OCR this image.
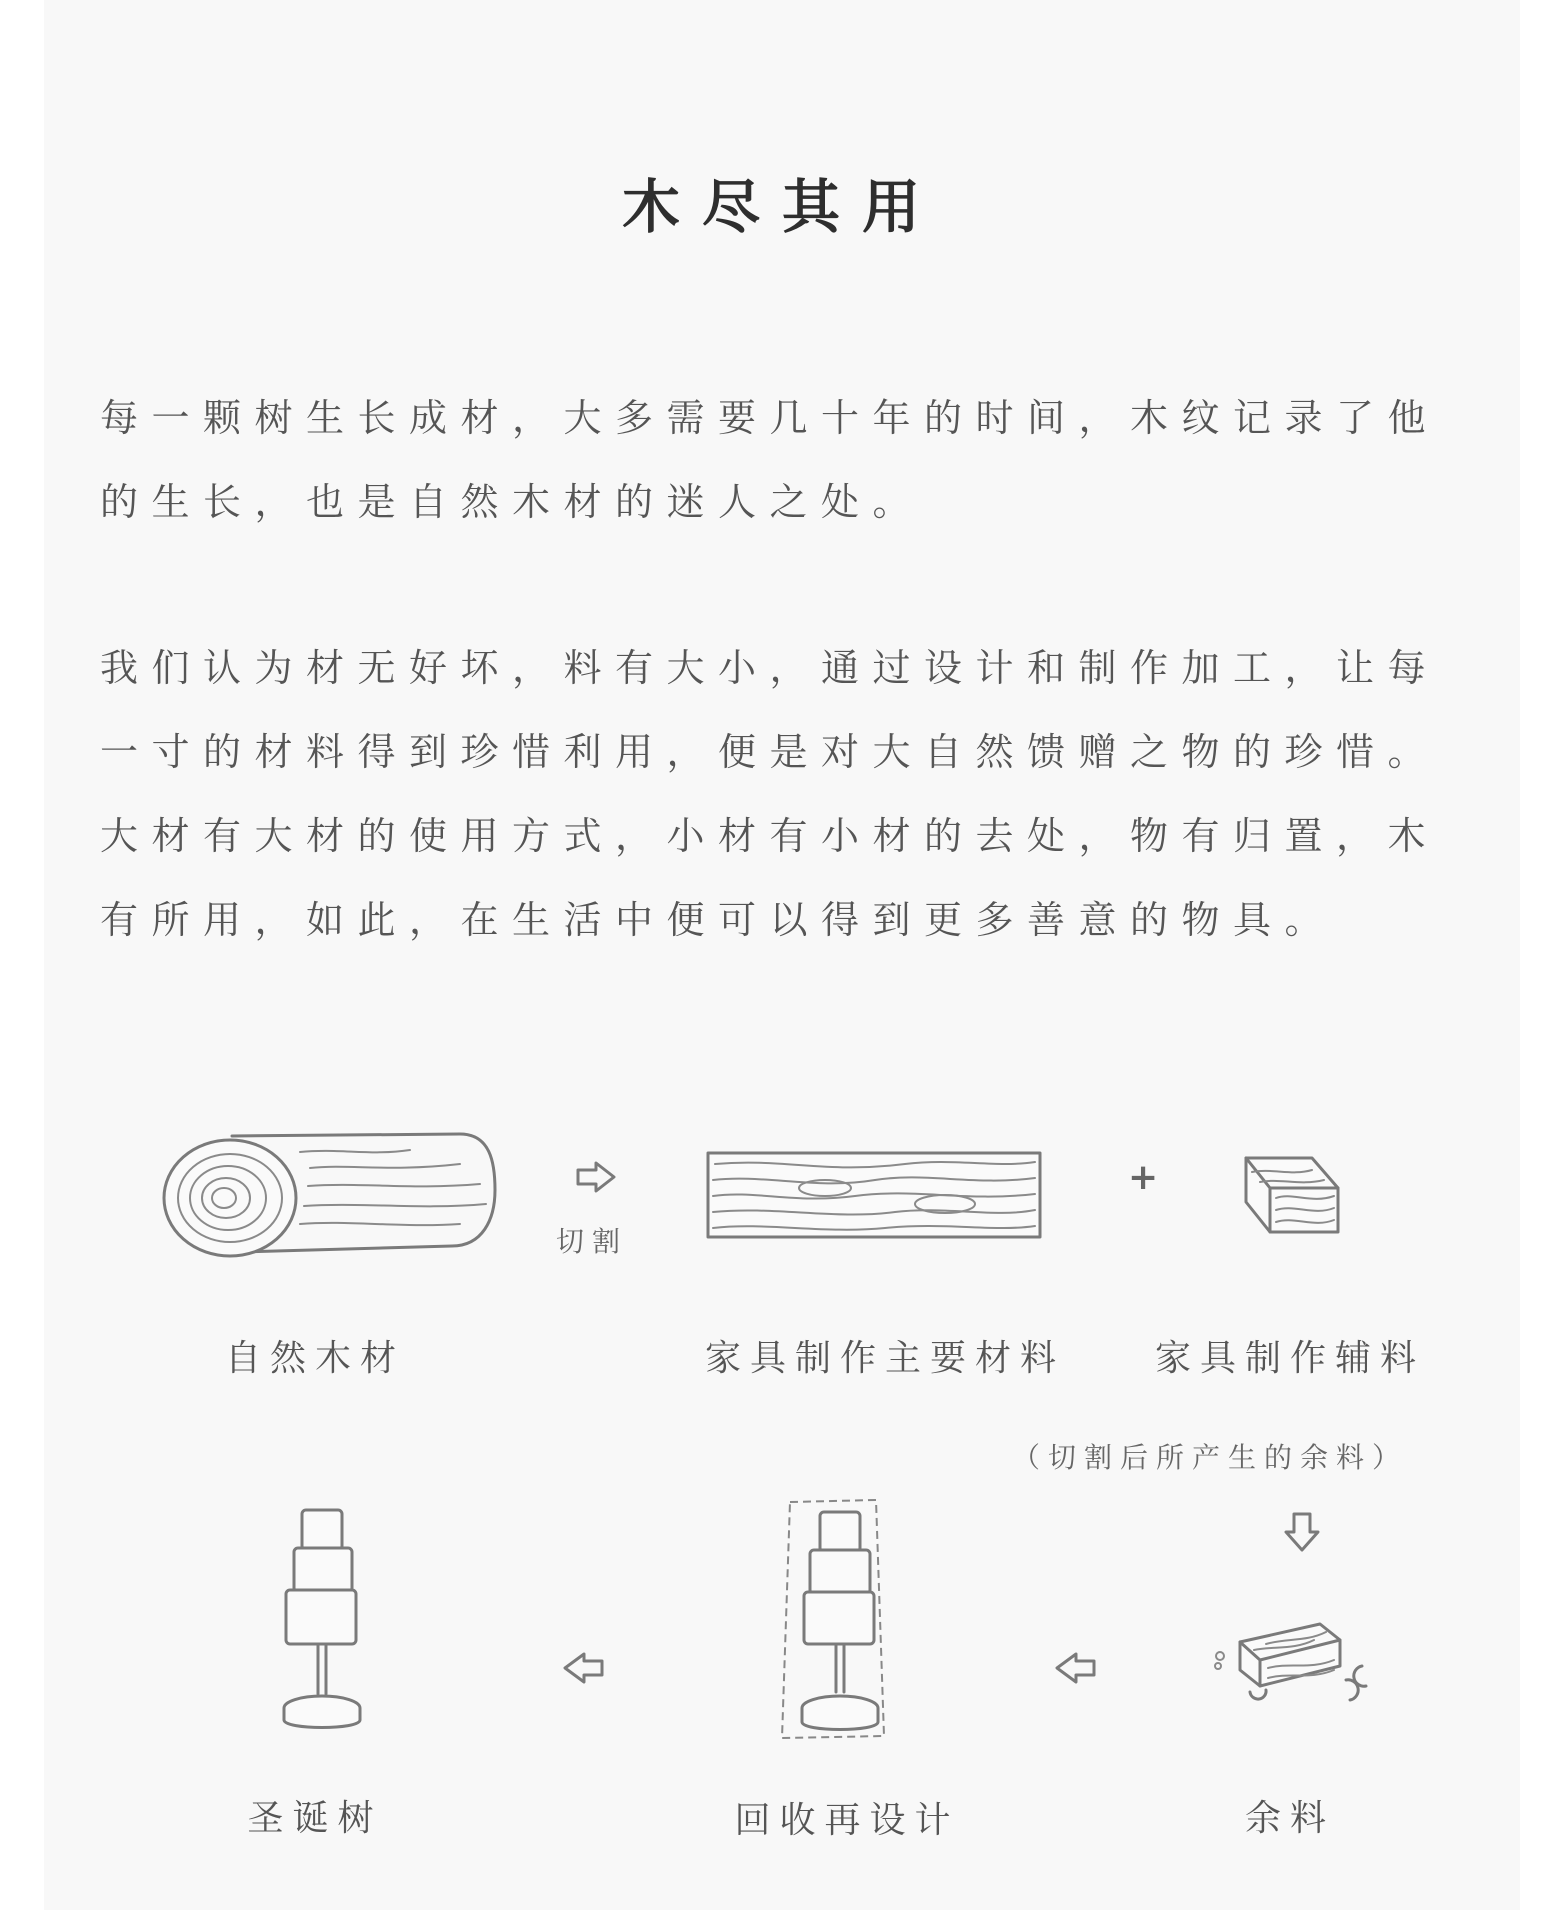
木尽其用
每一颗树生长成材，大多需要几十年的时间，木纹记录了他的生长，也是自然木材的迷人之处。
我们认为材无好坏，料有大小，通过设计和制作加工，让每一寸的材料得到珍惜利用，便是对大自然馈赠之物的珍惜。大材有大材的使用方式，小材有小材的去处，物有归置，木有所用，如此，在生活中便可以得到更多善意的物具。
切割
+
自然木材	家具制作主要材料 家具制作辅料
（切割后所产生的余料）
圣诞树	回收再设计	余料
